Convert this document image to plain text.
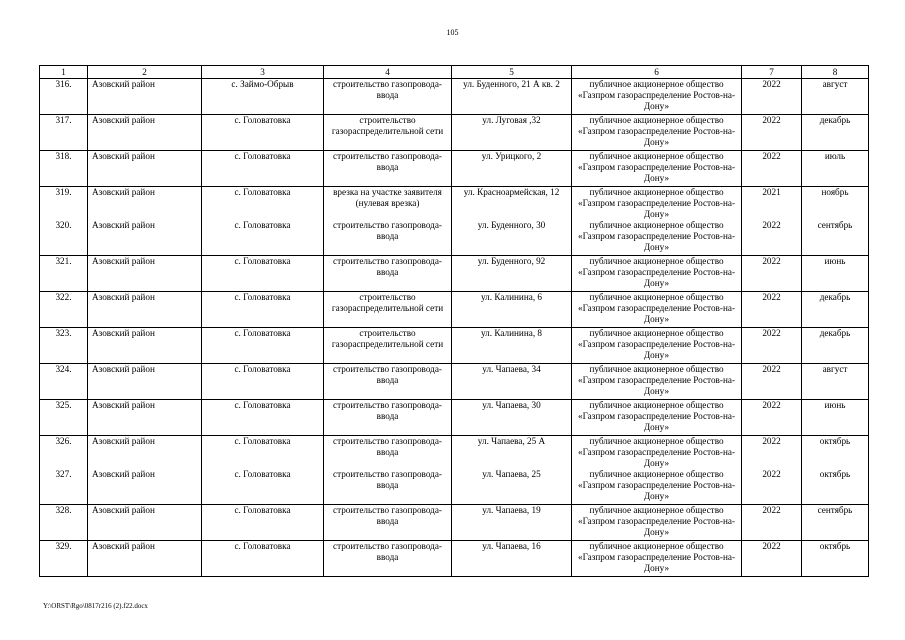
105
1	2	3	4	5	6	7	8
316.	Азовский район	с. Займо-Обрыв	строительство газопровода-ввода	ул. Буденного, 21 А кв. 2	публичное акционерное общество «Газпром газораспределение Ростов-на-Дону»	2022	август
317.	Азовский район	с. Головатовка	строительство газораспределительной сети	ул. Луговая ,32	публичное акционерное общество «Газпром газораспределение Ростов-на-Дону»	2022	декабрь
318.	Азовский район	с. Головатовка	строительство газопровода-ввода	ул. Урицкого, 2	публичное акционерное общество «Газпром газораспределение Ростов-на-Дону»	2022	июль
319.	Азовский район	с. Головатовка	врезка на участке заявителя (нулевая врезка)	ул. Красноармейская, 12	публичное акционерное общество «Газпром газораспределение Ростов-на-Дону»	2021	ноябрь
320.	Азовский район	с. Головатовка	строительство газопровода-ввода	ул. Буденного, 30	публичное акционерное общество «Газпром газораспределение Ростов-на-Дону»	2022	сентябрь
321.	Азовский район	с. Головатовка	строительство газопровода-ввода	ул. Буденного, 92	публичное акционерное общество «Газпром газораспределение Ростов-на-Дону»	2022	июнь
322.	Азовский район	с. Головатовка	строительство газораспределительной сети	ул. Калинина, 6	публичное акционерное общество «Газпром газораспределение Ростов-на-Дону»	2022	декабрь
323.	Азовский район	с. Головатовка	строительство газораспределительной сети	ул. Калинина, 8	публичное акционерное общество «Газпром газораспределение Ростов-на-Дону»	2022	декабрь
324.	Азовский район	с. Головатовка	строительство газопровода-ввода	ул. Чапаева, 34	публичное акционерное общество «Газпром газораспределение Ростов-на-Дону»	2022	август
325.	Азовский район	с. Головатовка	строительство газопровода-ввода	ул. Чапаева, 30	публичное акционерное общество «Газпром газораспределение Ростов-на-Дону»	2022	июнь
326.	Азовский район	с. Головатовка	строительство газопровода-ввода	ул. Чапаева, 25 А	публичное акционерное общество «Газпром газораспределение Ростов-на-Дону»	2022	октябрь
327.	Азовский район	с. Головатовка	строительство газопровода-ввода	ул. Чапаева, 25	публичное акционерное общество «Газпром газораспределение Ростов-на-Дону»	2022	октябрь
328.	Азовский район	с. Головатовка	строительство газопровода-ввода	ул. Чапаева, 19	публичное акционерное общество «Газпром газораспределение Ростов-на-Дону»	2022	сентябрь
329.	Азовский район	с. Головатовка	строительство газопровода-ввода	ул. Чапаева, 16	публичное акционерное общество «Газпром газораспределение Ростов-на-Дону»	2022	октябрь
Y:\ORST\Rgo\0817r216 (2).f22.docx
